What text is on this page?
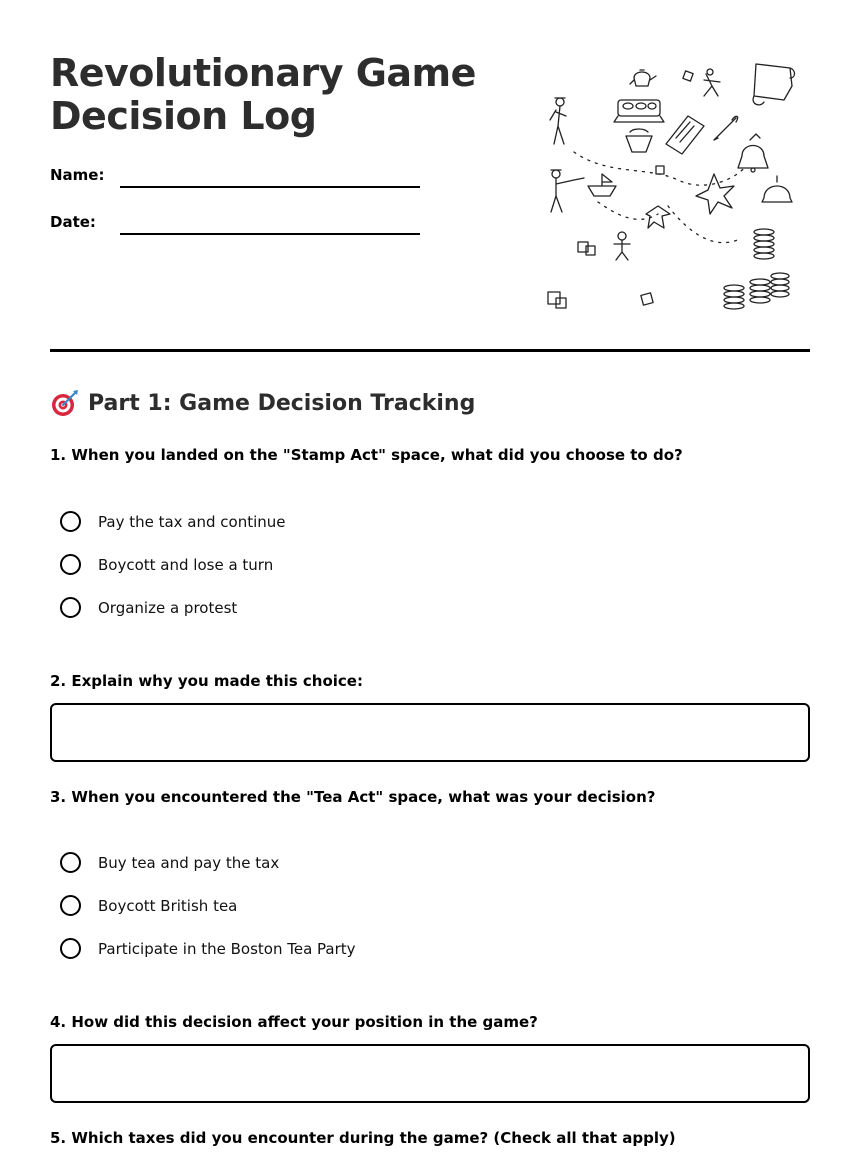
Revolutionary Game
Decision Log
Name:
Date:
Part 1: Game Decision Tracking
1. When you landed on the "Stamp Act" space, what did you choose to do?
Pay the tax and continue
Boycott and lose a turn
Organize a protest
2. Explain why you made this choice:
3. When you encountered the "Tea Act" space, what was your decision?
Buy tea and pay the tax
Boycott British tea
Participate in the Boston Tea Party
4. How did this decision affect your position in the game?
5. Which taxes did you encounter during the game? (Check all that apply)
